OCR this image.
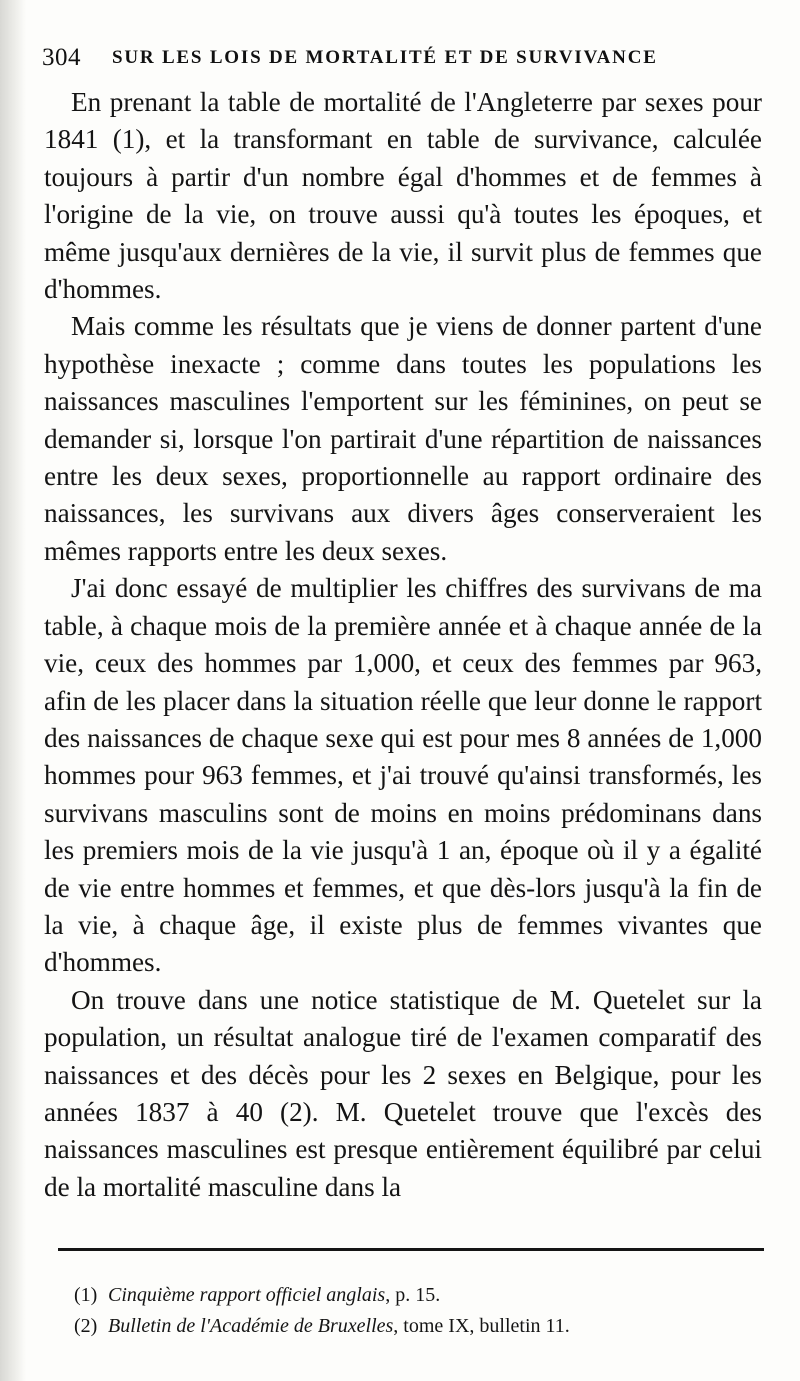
304 SUR LES LOIS DE MORTALITÉ ET DE SURVIVANCE

En prenant la table de mortalité de l'Angleterre par sexes pour 1841 (1), et la transformant en table de survivance, calculée toujours à partir d'un nombre égal d'hommes et de femmes à l'origine de la vie, on trouve aussi qu'à toutes les époques, et même jusqu'aux dernières de la vie, il survit plus de femmes que d'hommes.

Mais comme les résultats que je viens de donner partent d'une hypothèse inexacte ; comme dans toutes les populations les naissances masculines l'emportent sur les féminines, on peut se demander si, lorsque l'on partirait d'une répartition de naissances entre les deux sexes, proportionnelle au rapport ordinaire des naissances, les survivans aux divers âges conserveraient les mêmes rapports entre les deux sexes.

J'ai donc essayé de multiplier les chiffres des survivans de ma table, à chaque mois de la première année et à chaque année de la vie, ceux des hommes par 1,000, et ceux des femmes par 963, afin de les placer dans la situation réelle que leur donne le rapport des naissances de chaque sexe qui est pour mes 8 années de 1,000 hommes pour 963 femmes, et j'ai trouvé qu'ainsi transformés, les survivans masculins sont de moins en moins prédominans dans les premiers mois de la vie jusqu'à 1 an, époque où il y a égalité de vie entre hommes et femmes, et que dès-lors jusqu'à la fin de la vie, à chaque âge, il existe plus de femmes vivantes que d'hommes.

On trouve dans une notice statistique de M. Quetelet sur la population, un résultat analogue tiré de l'examen comparatif des naissances et des décès pour les 2 sexes en Belgique, pour les années 1837 à 40 (2). M. Quetelet trouve que l'excès des naissances masculines est presque entièrement équilibré par celui de la mortalité masculine dans la

(1) Cinquième rapport officiel anglais, p. 15.
(2) Bulletin de l'Académie de Bruxelles, tome IX, bulletin 11.
